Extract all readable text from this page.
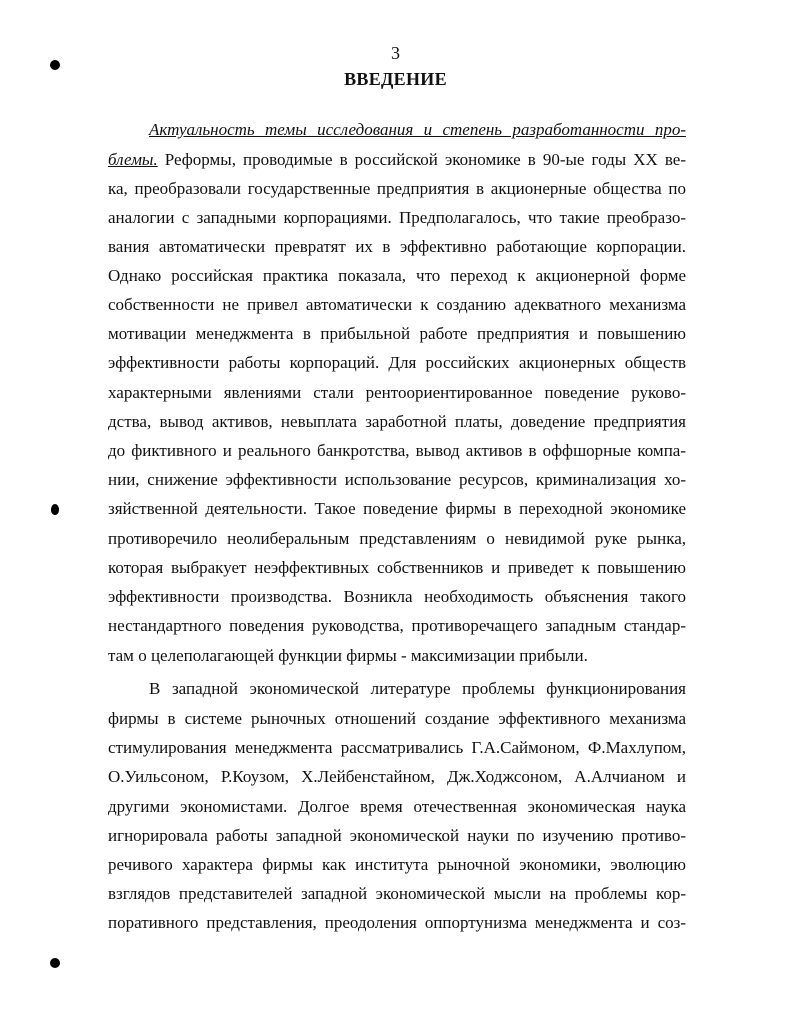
3
ВВЕДЕНИЕ
Актуальность темы исследования и степень разработанности про-
блемы. Реформы, проводимые в российской экономике в 90-ые годы XX ве-
ка, преобразовали государственные предприятия в акционерные общества по
аналогии с западными корпорациями. Предполагалось, что такие преобразо-
вания автоматически превратят их в эффективно работающие корпорации.
Однако российская практика показала, что переход к акционерной форме
собственности не привел автоматически к созданию адекватного механизма
мотивации менеджмента в прибыльной работе предприятия и повышению
эффективности работы корпораций. Для российских акционерных обществ
характерными явлениями стали рентоориентированное поведение руково-
дства, вывод активов, невыплата заработной платы, доведение предприятия
до фиктивного и реального банкротства, вывод активов в оффшорные компа-
нии, снижение эффективности использование ресурсов, криминализация хо-
зяйственной деятельности. Такое поведение фирмы в переходной экономике
противоречило неолиберальным представлениям о невидимой руке рынка,
которая выбракует неэффективных собственников и приведет к повышению
эффективности производства. Возникла необходимость объяснения такого
нестандартного поведения руководства, противоречащего западным стандар-
там о целеполагающей функции фирмы - максимизации прибыли.
В западной экономической литературе проблемы функционирования
фирмы в системе рыночных отношений создание эффективного механизма
стимулирования менеджмента рассматривались Г.А.Саймоном, Ф.Махлупом,
О.Уильсоном, Р.Коузом, Х.Лейбенстайном, Дж.Ходжсоном, А.Алчианом и
другими экономистами. Долгое время отечественная экономическая наука
игнорировала работы западной экономической науки по изучению противо-
речивого характера фирмы как института рыночной экономики, эволюцию
взглядов представителей западной экономической мысли на проблемы кор-
поративного представления, преодоления оппортунизма менеджмента и соз-
